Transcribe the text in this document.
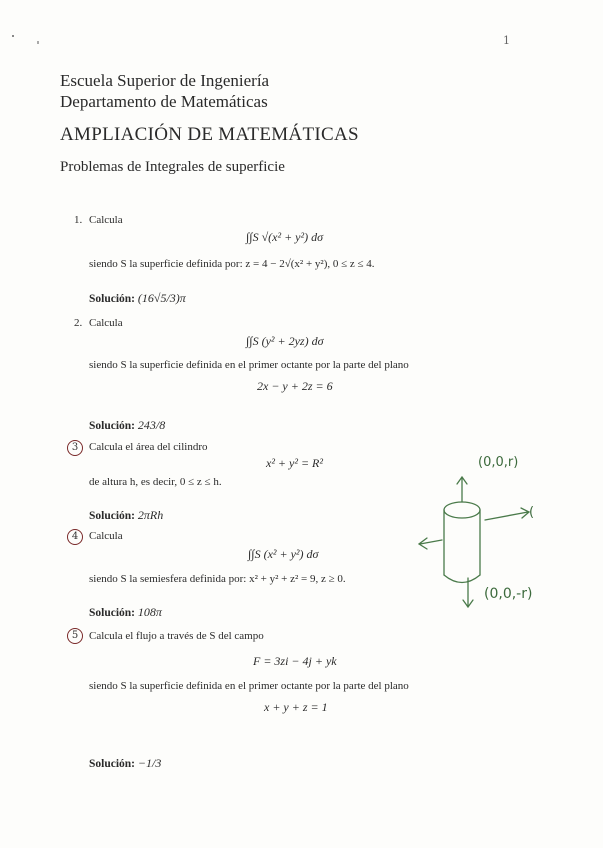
1
Escuela Superior de Ingeniería
Departamento de Matemáticas
AMPLIACIÓN DE MATEMÁTICAS
Problemas de Integrales de superficie
1. Calcula
∫∫S √(x² + y²) dσ
siendo S la superficie definida por: z = 4 − 2√(x² + y²), 0 ≤ z ≤ 4.
Solución: (16√5/3)π
2. Calcula
∫∫S (y² + 2yz) dσ
siendo S la superficie definida en el primer octante por la parte del plano
2x − y + 2z = 6
Solución: 243/8
3 Calcula el área del cilindro
x² + y² = R²
de altura h, es decir, 0 ≤ z ≤ h.
Solución: 2πRh
4 Calcula
∫∫S (x² + y²) dσ
siendo S la semiesfera definida por: x² + y² + z² = 9, z ≥ 0.
Solución: 108π
5 Calcula el flujo a través de S del campo
F = 3zi − 4j + yk
siendo S la superficie definida en el primer octante por la parte del plano
x + y + z = 1
Solución: −1/3
(0,0,r)
(
(0,0,-r)
